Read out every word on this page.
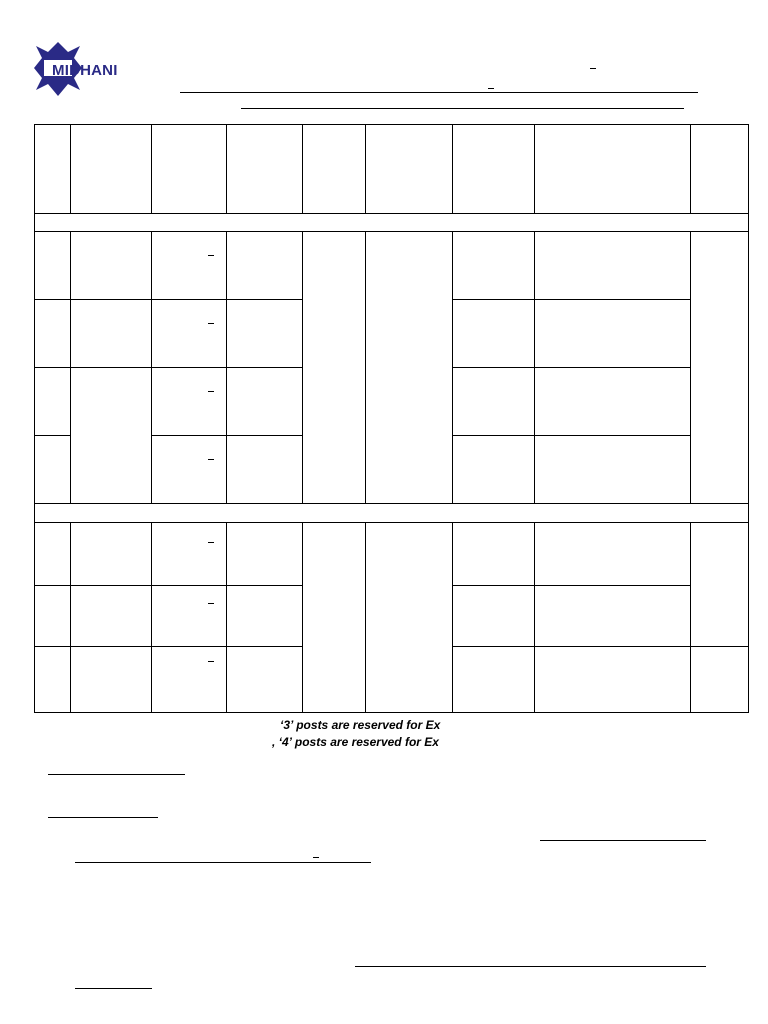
MIDHANI
‘3’ posts are reserved for Ex
, ‘4’ posts are reserved for Ex
